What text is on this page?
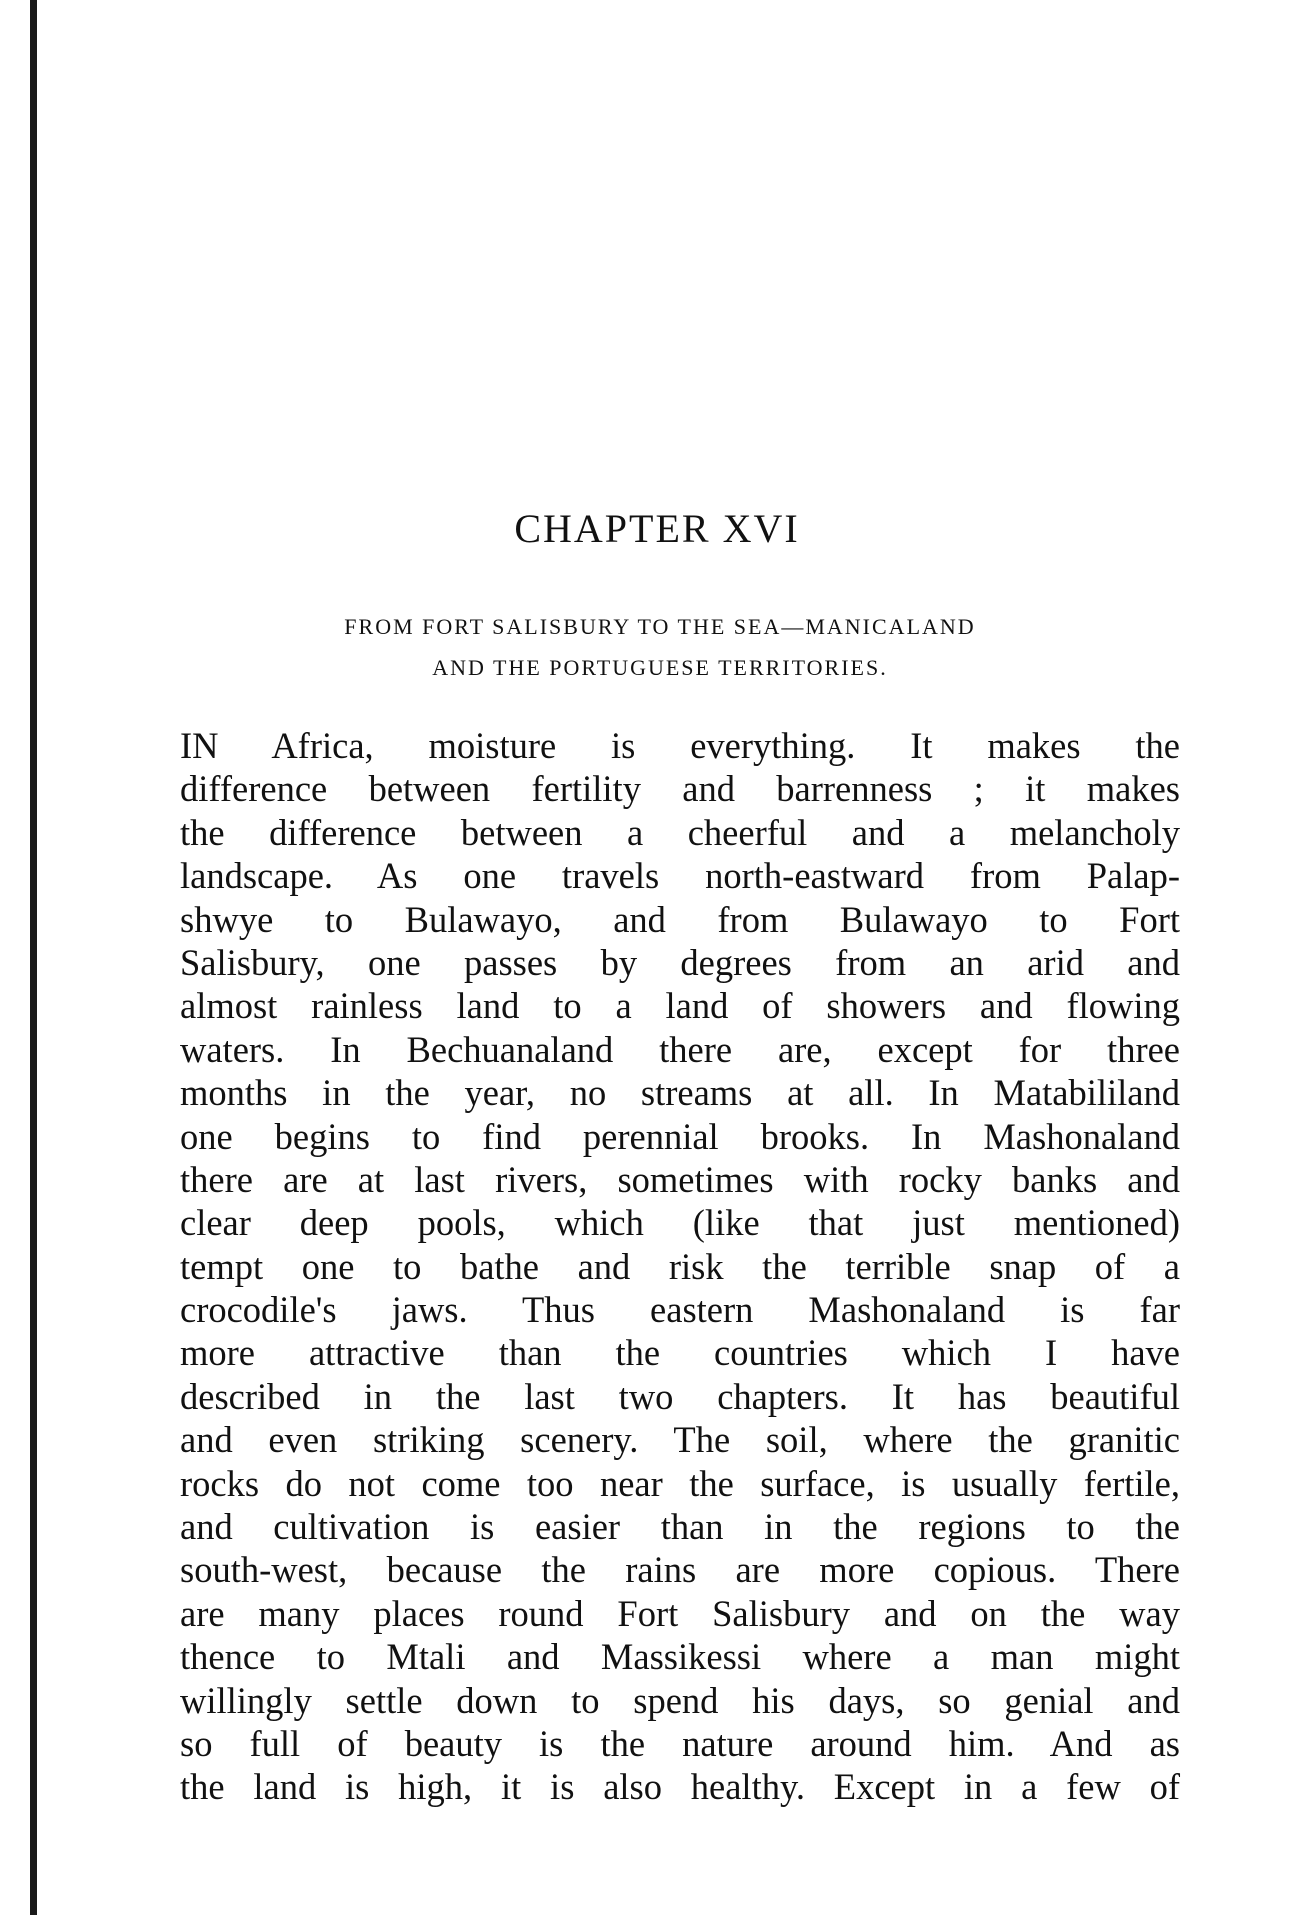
CHAPTER XVI
FROM FORT SALISBURY TO THE SEA—MANICALAND
AND THE PORTUGUESE TERRITORIES.
IN Africa, moisture is everything. It makes the
difference between fertility and barrenness ; it makes
the difference between a cheerful and a melancholy
landscape. As one travels north-eastward from Palap-
shwye to Bulawayo, and from Bulawayo to Fort
Salisbury, one passes by degrees from an arid and
almost rainless land to a land of showers and flowing
waters. In Bechuanaland there are, except for three
months in the year, no streams at all. In Matabililand
one begins to find perennial brooks. In Mashonaland
there are at last rivers, sometimes with rocky banks and
clear deep pools, which (like that just mentioned)
tempt one to bathe and risk the terrible snap of a
crocodile's jaws. Thus eastern Mashonaland is far
more attractive than the countries which I have
described in the last two chapters. It has beautiful
and even striking scenery. The soil, where the granitic
rocks do not come too near the surface, is usually fertile,
and cultivation is easier than in the regions to the
south-west, because the rains are more copious. There
are many places round Fort Salisbury and on the way
thence to Mtali and Massikessi where a man might
willingly settle down to spend his days, so genial and
so full of beauty is the nature around him. And as
the land is high, it is also healthy. Except in a few of
